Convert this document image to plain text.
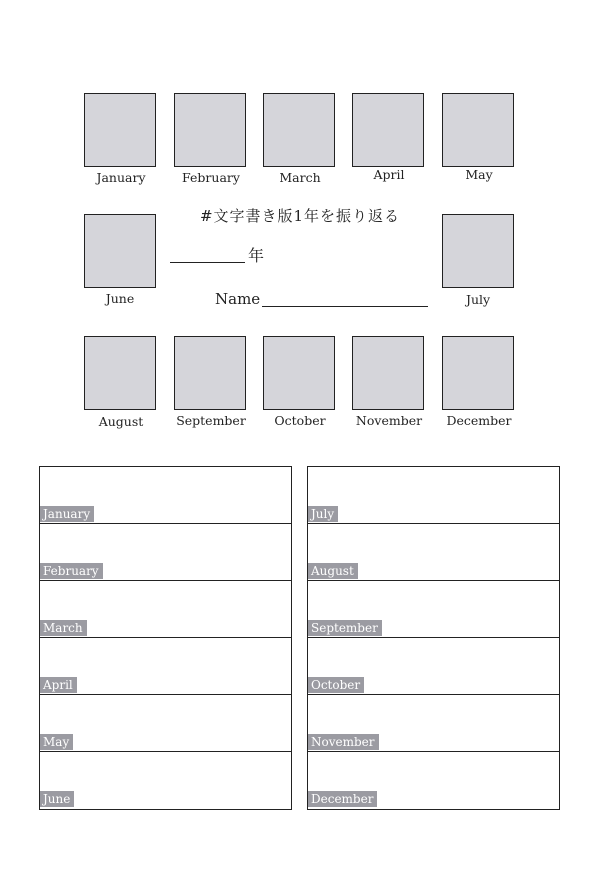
January	February	March	April	May
June	July
#文字書き版1年を振り返る
年
Name
August	September	October	November	December
January
February
March
April
May
June
July
August
September
October
November
December
